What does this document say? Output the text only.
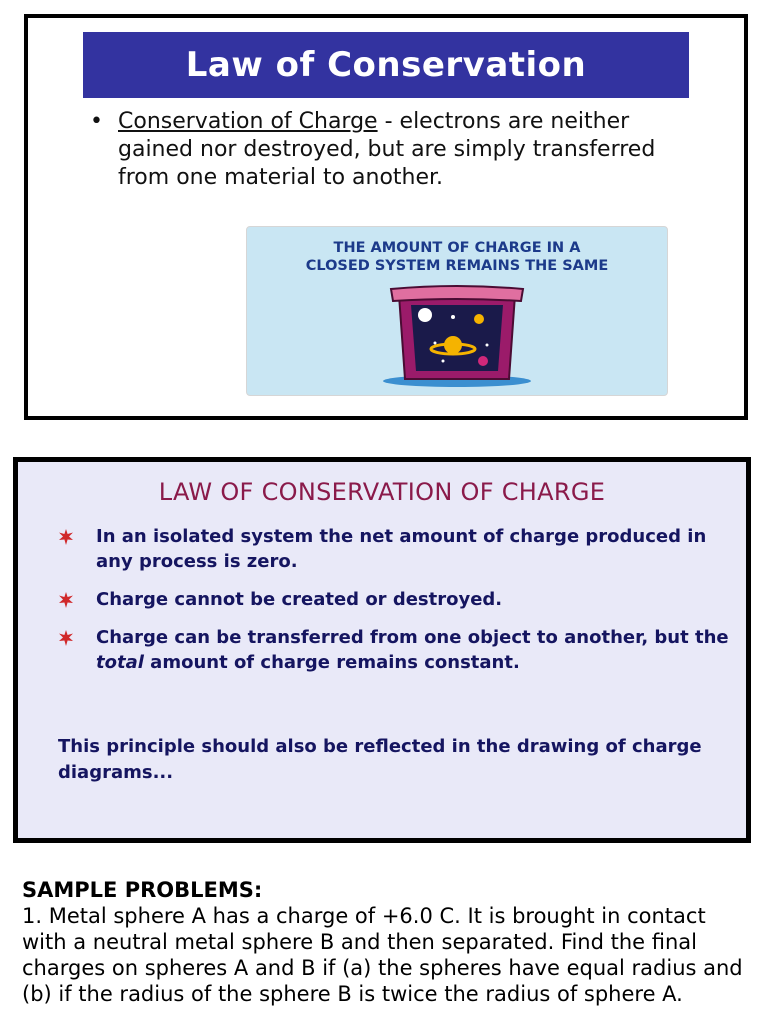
Law of Conservation
• Conservation of Charge - electrons are neither gained nor destroyed, but are simply transferred from one material to another.
THE AMOUNT OF CHARGE IN A
CLOSED SYSTEM REMAINS THE SAME
LAW OF CONSERVATION OF CHARGE
In an isolated system the net amount of charge produced in any process is zero.
Charge cannot be created or destroyed.
Charge can be transferred from one object to another, but the total amount of charge remains constant.
This principle should also be reflected in the drawing of charge diagrams...
SAMPLE PROBLEMS:
1. Metal sphere A has a charge of +6.0 C. It is brought in contact with a neutral metal sphere B and then separated. Find the final charges on spheres A and B if (a) the spheres have equal radius and (b) if the radius of the sphere B is twice the radius of sphere A.
